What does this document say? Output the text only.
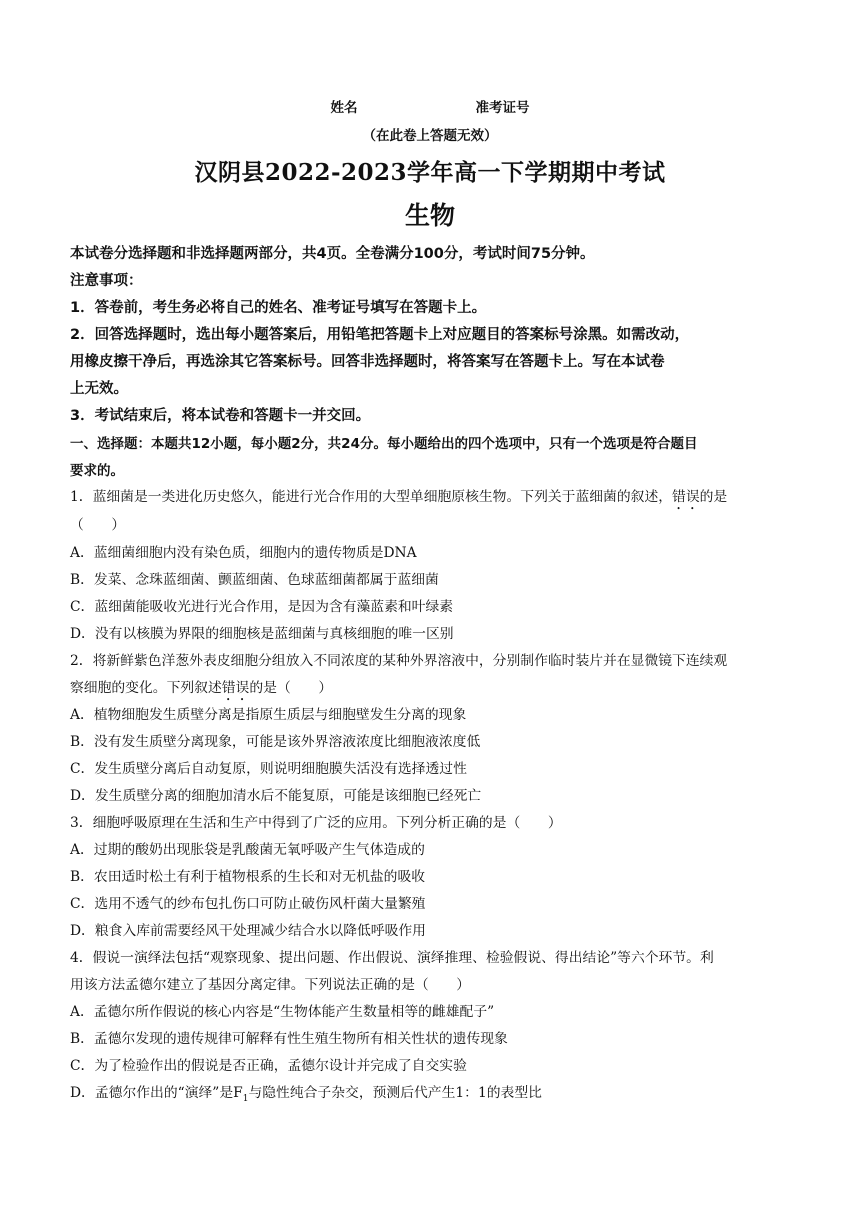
姓名	准考证号
（在此卷上答题无效）
汉阴县2022-2023学年高一下学期期中考试
生物
本试卷分选择题和非选择题两部分，共4页。全卷满分100分，考试时间75分钟。
注意事项：
1．答卷前，考生务必将自己的姓名、准考证号填写在答题卡上。
2．回答选择题时，选出每小题答案后，用铅笔把答题卡上对应题目的答案标号涂黑。如需改动，
用橡皮擦干净后，再选涂其它答案标号。回答非选择题时，将答案写在答题卡上。写在本试卷
上无效。
3．考试结束后，将本试卷和答题卡一并交回。
一、选择题：本题共12小题，每小题2分，共24分。每小题给出的四个选项中，只有一个选项是符合题目
要求的。
1．蓝细菌是一类进化历史悠久，能进行光合作用的大型单细胞原核生物。下列关于蓝细菌的叙述，错误的是
（　　）
A．蓝细菌细胞内没有染色质，细胞内的遗传物质是DNA
B．发菜、念珠蓝细菌、颤蓝细菌、色球蓝细菌都属于蓝细菌
C．蓝细菌能吸收光进行光合作用，是因为含有藻蓝素和叶绿素
D．没有以核膜为界限的细胞核是蓝细菌与真核细胞的唯一区别
2．将新鲜紫色洋葱外表皮细胞分组放入不同浓度的某种外界溶液中，分别制作临时装片并在显微镜下连续观
察细胞的变化。下列叙述错误的是（　　）
A．植物细胞发生质壁分离是指原生质层与细胞壁发生分离的现象
B．没有发生质壁分离现象，可能是该外界溶液浓度比细胞液浓度低
C．发生质壁分离后自动复原，则说明细胞膜失活没有选择透过性
D．发生质壁分离的细胞加清水后不能复原，可能是该细胞已经死亡
3．细胞呼吸原理在生活和生产中得到了广泛的应用。下列分析正确的是（　　）
A．过期的酸奶出现胀袋是乳酸菌无氧呼吸产生气体造成的
B．农田适时松土有利于植物根系的生长和对无机盐的吸收
C．选用不透气的纱布包扎伤口可防止破伤风杆菌大量繁殖
D．粮食入库前需要经风干处理减少结合水以降低呼吸作用
4．假说一演绎法包括“观察现象、提出问题、作出假说、演绎推理、检验假说、得出结论”等六个环节。利
用该方法孟德尔建立了基因分离定律。下列说法正确的是（　　）
A．孟德尔所作假说的核心内容是“生物体能产生数量相等的雌雄配子”
B．孟德尔发现的遗传规律可解释有性生殖生物所有相关性状的遗传现象
C．为了检验作出的假说是否正确，孟德尔设计并完成了自交实验
D．孟德尔作出的“演绎”是$F_1$与隐性纯合子杂交，预测后代产生1：1的表型比
